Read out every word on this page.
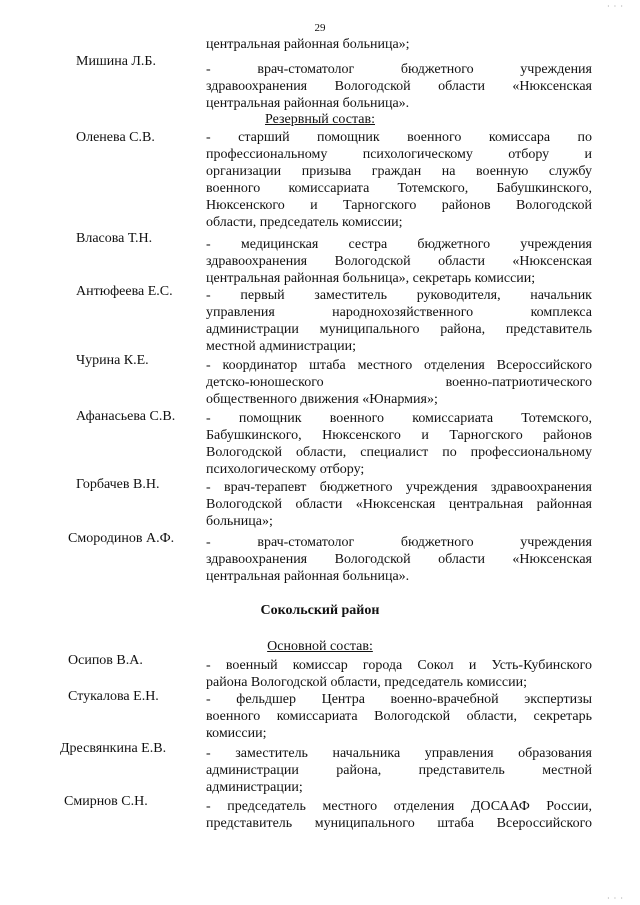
· · ·
29
центральная районная больница»;
Мишина Л.Б.
- врач-стоматолог бюджетного учреждения
здравоохранения Вологодской области «Нюксенская
центральная районная больница».
Резервный состав:
Оленева С.В.	- старший помощник военного комиссара по
профессиональному психологическому отбору и
организации призыва граждан на военную службу
военного комиссариата Тотемского, Бабушкинского,
Нюксенского и Тарногского районов Вологодской
области, председатель комиссии;
Власова Т.Н.	- медицинская сестра бюджетного учреждения
здравоохранения Вологодской области «Нюксенская
центральная районная больница», секретарь комиссии;
Антюфеева Е.С. - первый заместитель руководителя, начальник
управления народнохозяйственного комплекса
администрации муниципального района, представитель
местной администрации;
Чурина К.Е.	- координатор штаба местного отделения Всероссийского
детско-юношеского военно-патриотического
общественного движения «Юнармия»;
Афанасьева С.В. - помощник военного комиссариата Тотемского,
Бабушкинского, Нюксенского и Тарногского районов
Вологодской области, специалист по профессиональному
психологическому отбору;
Горбачев В.Н.	- врач-терапевт бюджетного учреждения здравоохранения
Вологодской области «Нюксенская центральная районная
больница»;
Смородинов А.Ф. - врач-стоматолог бюджетного учреждения
здравоохранения Вологодской области «Нюксенская
центральная районная больница».
Сокольский район
Основной состав:
Осипов В.А.	- военный комиссар города Сокол и Усть-Кубинского
района Вологодской области, председатель комиссии;
Стукалова Е.Н.	- фельдшер Центра военно-врачебной экспертизы
военного комиссариата Вологодской области, секретарь
комиссии;
Дресвянкина Е.В.	- заместитель начальника управления образования
администрации района, представитель местной
администрации;
Смирнов С.Н.	- председатель местного отделения ДОСААФ России,
представитель муниципального штаба Всероссийского
· · ·
